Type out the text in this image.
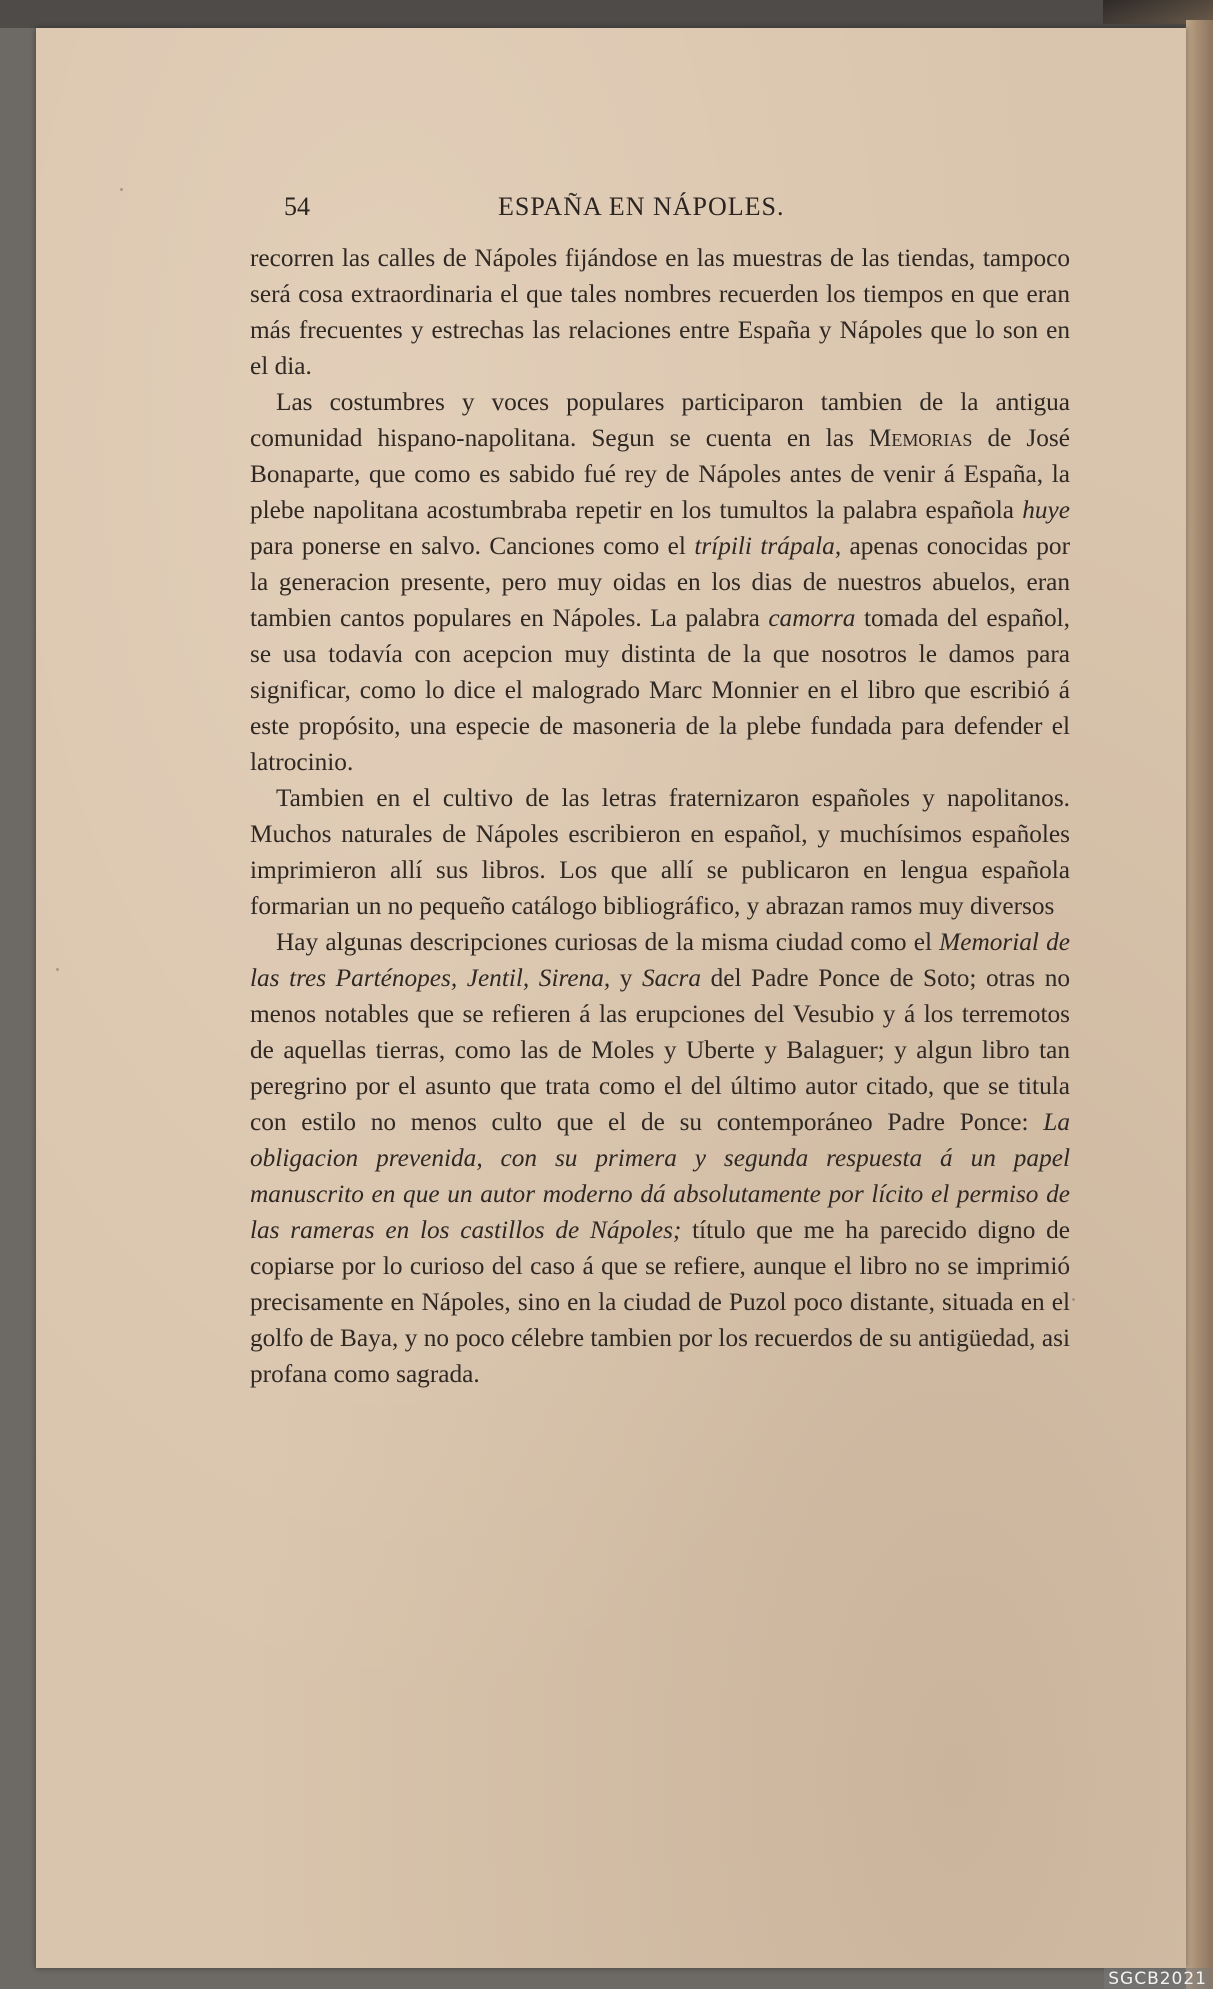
54	ESPAÑA EN NÁPOLES.

recorren las calles de Nápoles fijándose en las muestras de las tiendas, tampoco será cosa extraordinaria el que tales nombres recuerden los tiempos en que eran más frecuentes y estrechas las relaciones entre España y Nápoles que lo son en el dia.

Las costumbres y voces populares participaron tambien de la antigua comunidad hispano-napolitana. Segun se cuenta en las Memorias de José Bonaparte, que como es sabido fué rey de Nápoles antes de venir á España, la plebe napolitana acostumbraba repetir en los tumultos la palabra española huye para ponerse en salvo. Canciones como el trípili trápala, apenas conocidas por la generacion presente, pero muy oidas en los dias de nuestros abuelos, eran tambien cantos populares en Nápoles. La palabra camorra tomada del español, se usa todavía con acepcion muy distinta de la que nosotros le damos para significar, como lo dice el malogrado Marc Monnier en el libro que escribió á este propósito, una especie de masoneria de la plebe fundada para defender el latrocinio.

Tambien en el cultivo de las letras fraternizaron españoles y napolitanos. Muchos naturales de Nápoles escribieron en español, y muchísimos españoles imprimieron allí sus libros. Los que allí se publicaron en lengua española formarian un no pequeño catálogo bibliográfico, y abrazan ramos muy diversos

Hay algunas descripciones curiosas de la misma ciudad como el Memorial de las tres Parténopes, Jentil, Sirena, y Sacra del Padre Ponce de Soto; otras no menos notables que se refieren á las erupciones del Vesubio y á los terremotos de aquellas tierras, como las de Moles y Uberte y Balaguer; y algun libro tan peregrino por el asunto que trata como el del último autor citado, que se titula con estilo no menos culto que el de su contemporáneo Padre Ponce: La obligacion prevenida, con su primera y segunda respuesta á un papel manuscrito en que un autor moderno dá absolutamente por lícito el permiso de las rameras en los castillos de Nápoles; título que me ha parecido digno de copiarse por lo curioso del caso á que se refiere, aunque el libro no se imprimió precisamente en Nápoles, sino en la ciudad de Puzol poco distante, situada en el golfo de Baya, y no poco célebre tambien por los recuerdos de su antigüedad, asi profana como sagrada.

SGCB2021
